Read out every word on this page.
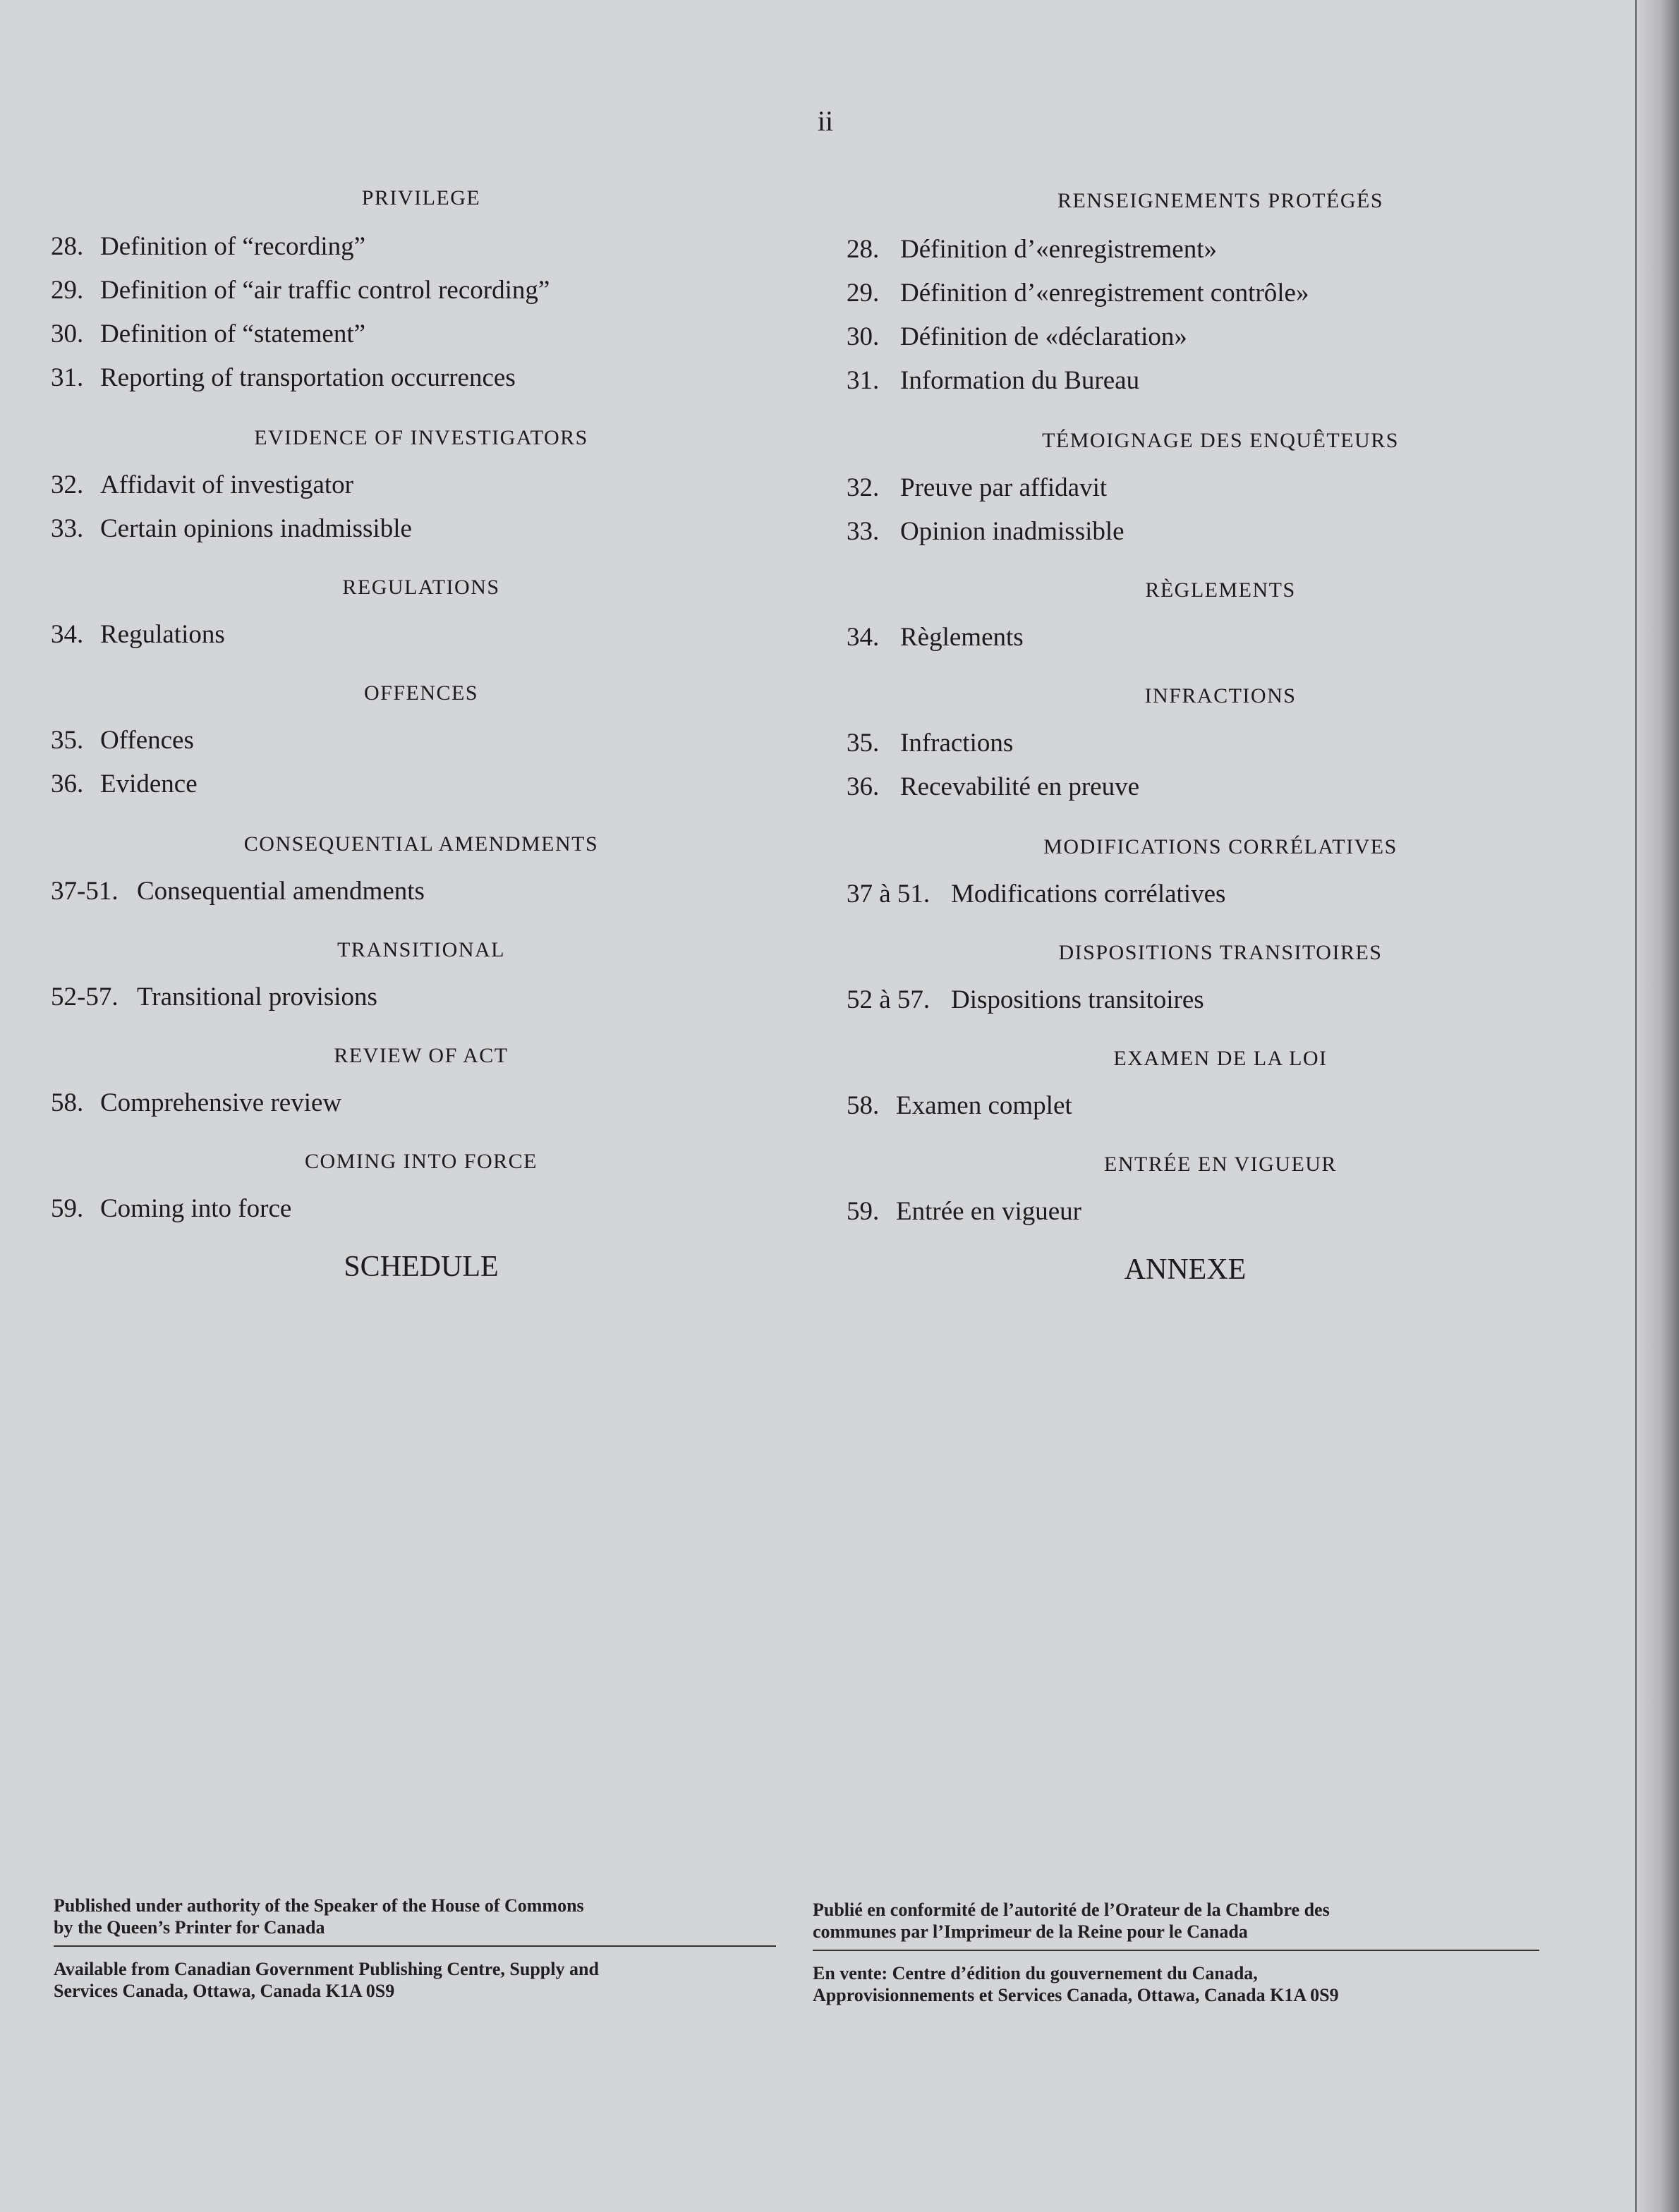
ii
PRIVILEGE
28. Definition of “recording”
29. Definition of “air traffic control recording”
30. Definition of “statement”
31. Reporting of transportation occurrences
EVIDENCE OF INVESTIGATORS
32. Affidavit of investigator
33. Certain opinions inadmissible
REGULATIONS
34. Regulations
OFFENCES
35. Offences
36. Evidence
CONSEQUENTIAL AMENDMENTS
37-51. Consequential amendments
TRANSITIONAL
52-57. Transitional provisions
REVIEW OF ACT
58. Comprehensive review
COMING INTO FORCE
59. Coming into force
SCHEDULE
RENSEIGNEMENTS PROTÉGÉS
28. Définition d’«enregistrement»
29. Définition d’«enregistrement contrôle»
30. Définition de «déclaration»
31. Information du Bureau
TÉMOIGNAGE DES ENQUÊTEURS
32. Preuve par affidavit
33. Opinion inadmissible
RÈGLEMENTS
34. Règlements
INFRACTIONS
35. Infractions
36. Recevabilité en preuve
MODIFICATIONS CORRÉLATIVES
37 à 51. Modifications corrélatives
DISPOSITIONS TRANSITOIRES
52 à 57. Dispositions transitoires
EXAMEN DE LA LOI
58. Examen complet
ENTRÉE EN VIGUEUR
59. Entrée en vigueur
ANNEXE
Published under authority of the Speaker of the House of Commons
by the Queen’s Printer for Canada
Available from Canadian Government Publishing Centre, Supply and
Services Canada, Ottawa, Canada K1A 0S9
Publié en conformité de l’autorité de l’Orateur de la Chambre des
communes par l’Imprimeur de la Reine pour le Canada
En vente: Centre d’édition du gouvernement du Canada,
Approvisionnements et Services Canada, Ottawa, Canada K1A 0S9
